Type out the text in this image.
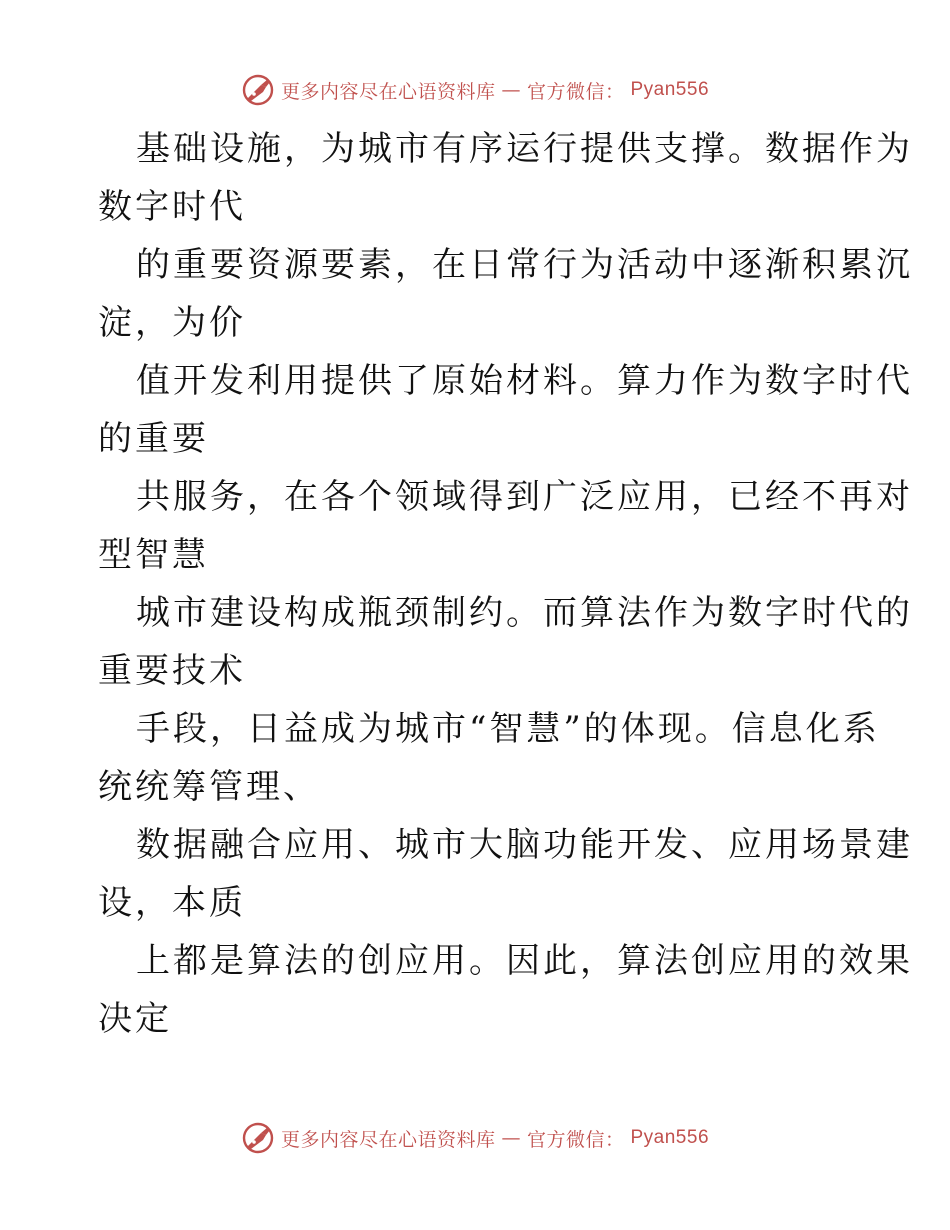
更多内容尽在心语资料库 — 官方微信： Pyan556

基础设施，为城市有序运行提供支撑。数据作为
数字时代

的重要资源要素，在日常行为活动中逐渐积累沉
淀，为价

值开发利用提供了原始材料。算力作为数字时代
的重要

共服务，在各个领域得到广泛应用，已经不再对
型智慧

城市建设构成瓶颈制约。而算法作为数字时代的
重要技术

手段，日益成为城市“智慧”的体现。信息化系
统统筹管理、

数据融合应用、城市大脑功能开发、应用场景建
设，本质

上都是算法的创应用。因此，算法创应用的效果
决定

更多内容尽在心语资料库 — 官方微信： Pyan556
